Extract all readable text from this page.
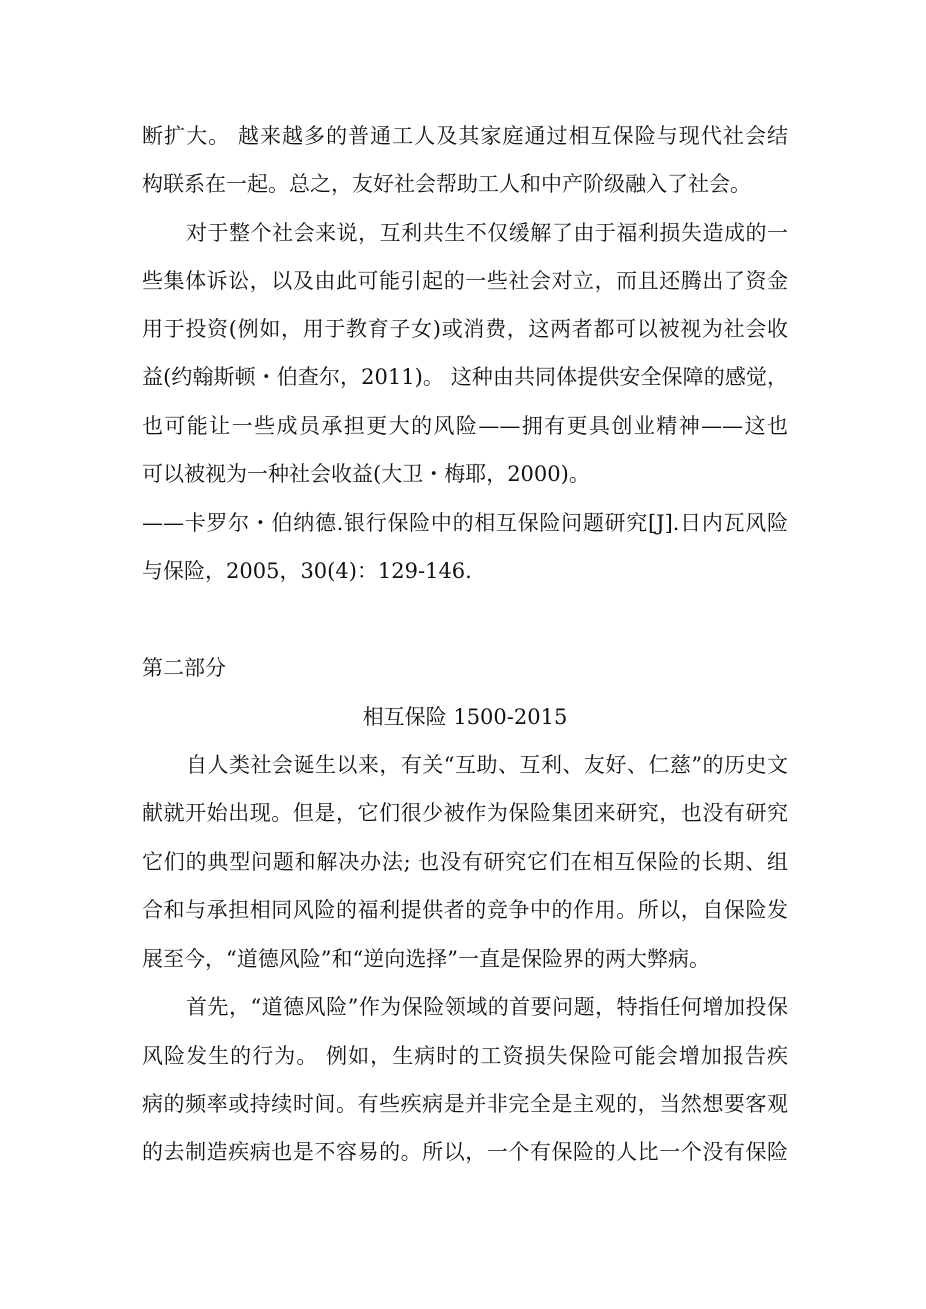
断扩大。 越来越多的普通工人及其家庭通过相互保险与现代社会结
构联系在一起。总之，友好社会帮助工人和中产阶级融入了社会。
对于整个社会来说，互利共生不仅缓解了由于福利损失造成的一
些集体诉讼，以及由此可能引起的一些社会对立，而且还腾出了资金
用于投资(例如，用于教育子女)或消费，这两者都可以被视为社会收
益(约翰斯顿・伯查尔，2011)。 这种由共同体提供安全保障的感觉，
也可能让一些成员承担更大的风险——拥有更具创业精神——这也
可以被视为一种社会收益(大卫・梅耶，2000)。
——卡罗尔・伯纳德.银行保险中的相互保险问题研究[J].日内瓦风险
与保险，2005，30(4)：129-146.
第二部分
相互保险 1500-2015
自人类社会诞生以来，有关“互助、互利、友好、仁慈”的历史文
献就开始出现。但是，它们很少被作为保险集团来研究，也没有研究
它们的典型问题和解决办法; 也没有研究它们在相互保险的长期、组
合和与承担相同风险的福利提供者的竞争中的作用。所以，自保险发
展至今，“道德风险”和“逆向选择”一直是保险界的两大弊病。
首先，“道德风险”作为保险领域的首要问题，特指任何增加投保
风险发生的行为。 例如，生病时的工资损失保险可能会增加报告疾
病的频率或持续时间。有些疾病是并非完全是主观的，当然想要客观
的去制造疾病也是不容易的。所以，一个有保险的人比一个没有保险
